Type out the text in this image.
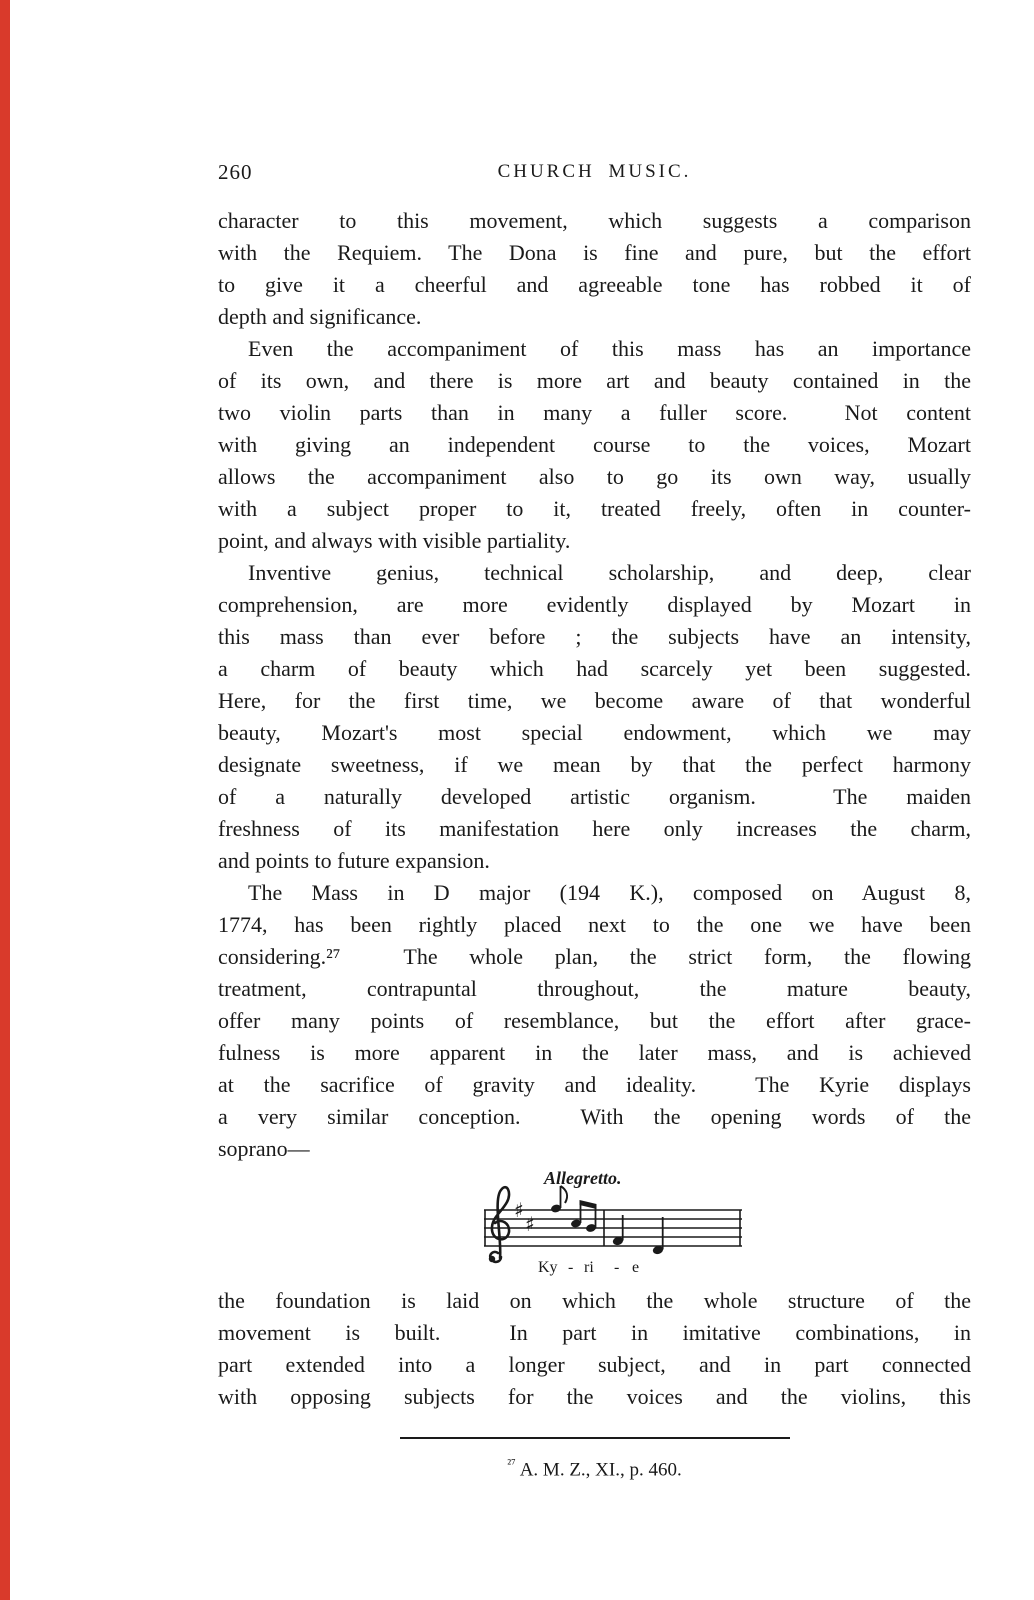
260	CHURCH MUSIC.
character to this movement, which suggests a comparison
with the Requiem. The Dona is fine and pure, but the effort
to give it a cheerful and agreeable tone has robbed it of
depth and significance.
Even the accompaniment of this mass has an importance
of its own, and there is more art and beauty contained in the
two violin parts than in many a fuller score.  Not content
with giving an independent course to the voices, Mozart
allows the accompaniment also to go its own way, usually
with a subject proper to it, treated freely, often in counter-
point, and always with visible partiality.
Inventive genius, technical scholarship, and deep, clear
comprehension, are more evidently displayed by Mozart in
this mass than ever before ; the subjects have an intensity,
a charm of beauty which had scarcely yet been suggested.
Here, for the first time, we become aware of that wonderful
beauty, Mozart's most special endowment, which we may
designate sweetness, if we mean by that the perfect harmony
of a naturally developed artistic organism.  The maiden
freshness of its manifestation here only increases the charm,
and points to future expansion.
The Mass in D major (194 K.), composed on August 8,
1774, has been rightly placed next to the one we have been
considering.²⁷  The whole plan, the strict form, the flowing
treatment, contrapuntal throughout, the mature beauty,
offer many points of resemblance, but the effort after grace-
fulness is more apparent in the later mass, and is achieved
at the sacrifice of gravity and ideality.  The Kyrie displays
a very similar conception.  With the opening words of the
soprano—
Allegretto.
♯
♯
Ky - ri - e
the foundation is laid on which the whole structure of the
movement is built.  In part in imitative combinations, in
part extended into a longer subject, and in part connected
with opposing subjects for the voices and the violins, this
$^{^{27}}$ A. M. Z., XI., p. 460.
